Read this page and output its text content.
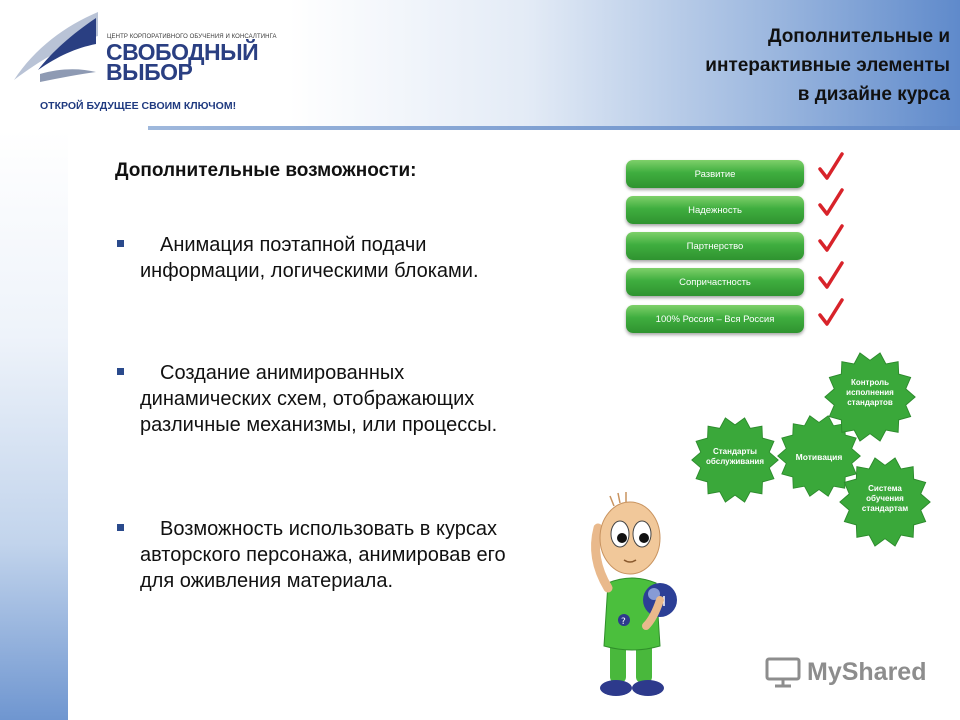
ЦЕНТР КОРПОРАТИВНОГО ОБУЧЕНИЯ И КОНСАЛТИНГА
СВОБОДНЫЙ ВЫБОР
ОТКРОЙ БУДУЩЕЕ СВОИМ КЛЮЧОМ!
Дополнительные и
интерактивные элементы
в дизайне курса
Дополнительные возможности:
Анимация поэтапной подачи
информации, логическими блоками.
Создание анимированных
динамических схем, отображающих
различные механизмы, или процессы.
Возможность использовать в курсах
авторского персонажа, анимировав его
для оживления материала.
Развитие
Надежность
Партнерство
Сопричастность
100% Россия – Вся Россия
Стандарты
обслуживания	Мотивация
Контроль
исполнения
стандартов
Система
обучения
стандартам
?
MyShared
